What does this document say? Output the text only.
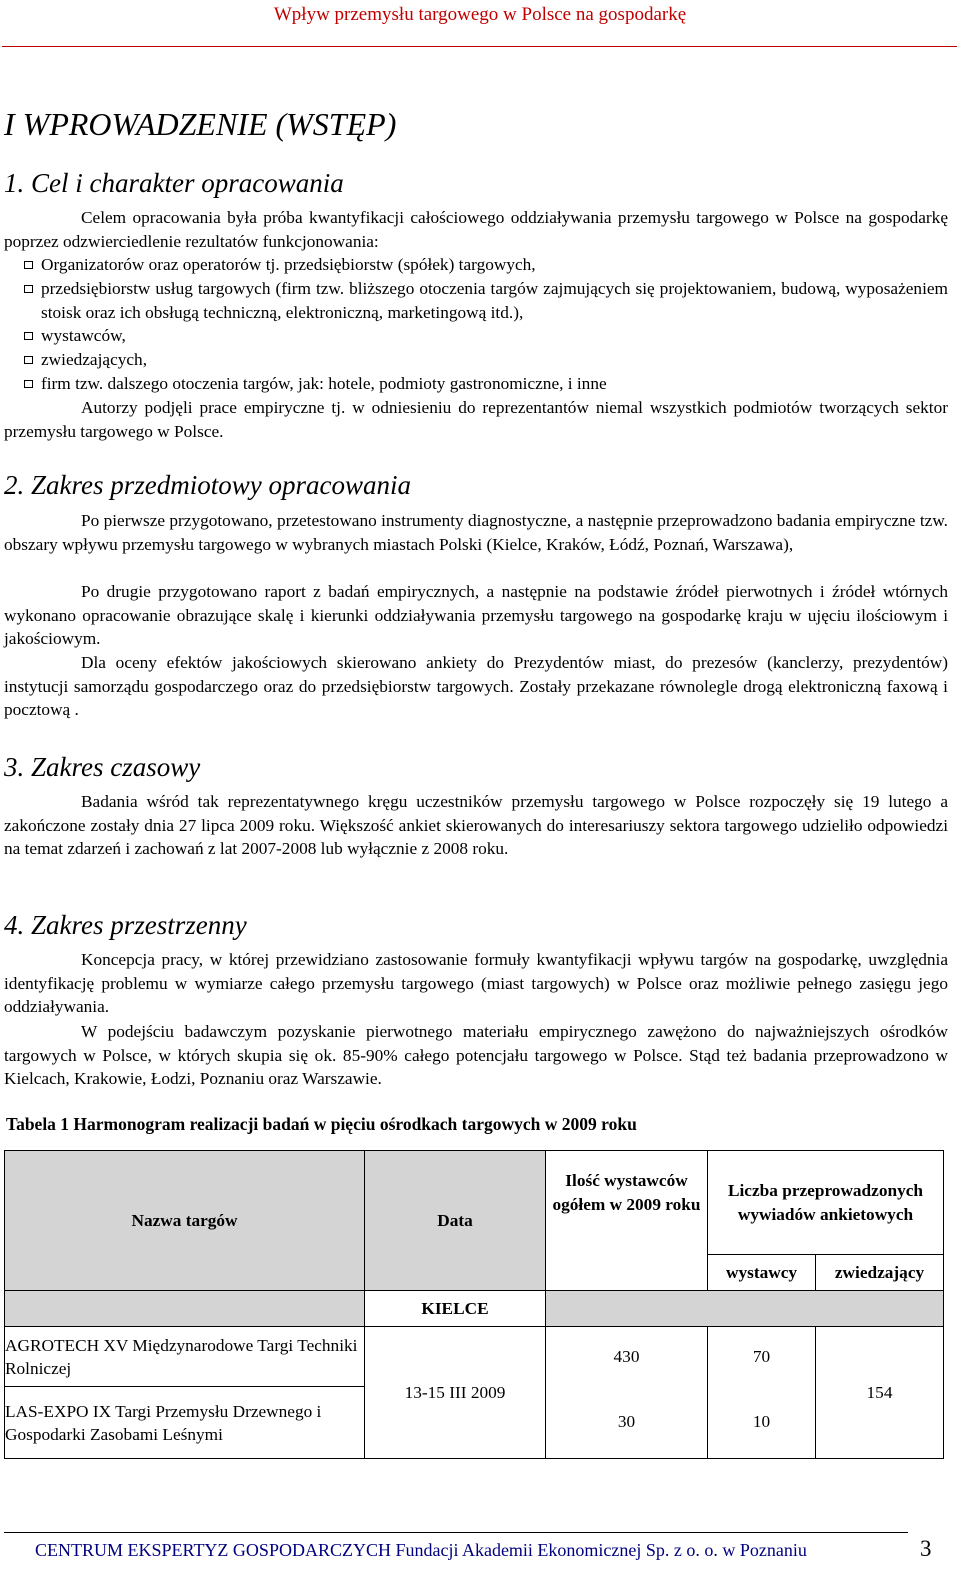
Wpływ przemysłu targowego w Polsce na gospodarkę
I WPROWADZENIE (WSTĘP)
1. Cel i charakter opracowania
Celem opracowania była próba kwantyfikacji całościowego oddziaływania przemysłu targowego w Polsce na gospodarkę poprzez odzwierciedlenie rezultatów funkcjonowania:
Organizatorów oraz operatorów tj. przedsiębiorstw (spółek) targowych,
przedsiębiorstw usług targowych (firm tzw. bliższego otoczenia targów zajmujących się projektowaniem, budową, wyposażeniem stoisk oraz ich obsługą techniczną, elektroniczną, marketingową itd.),
wystawców,
zwiedzających,
firm tzw. dalszego otoczenia targów, jak: hotele, podmioty gastronomiczne, i inne
Autorzy podjęli prace empiryczne tj. w odniesieniu do reprezentantów niemal wszystkich podmiotów tworzących sektor przemysłu targowego w Polsce.
2. Zakres przedmiotowy opracowania
Po pierwsze przygotowano, przetestowano instrumenty diagnostyczne, a następnie przeprowadzono badania empiryczne tzw. obszary wpływu przemysłu targowego w wybranych miastach Polski (Kielce, Kraków, Łódź, Poznań, Warszawa),
Po drugie przygotowano raport z badań empirycznych, a następnie na podstawie źródeł pierwotnych i źródeł wtórnych wykonano opracowanie obrazujące skalę i kierunki oddziaływania przemysłu targowego na gospodarkę kraju w ujęciu ilościowym i jakościowym.
Dla oceny efektów jakościowych skierowano ankiety do Prezydentów miast, do prezesów (kanclerzy, prezydentów) instytucji samorządu gospodarczego oraz do przedsiębiorstw targowych. Zostały przekazane równolegle drogą elektroniczną faxową i pocztową .
3. Zakres czasowy
Badania wśród tak reprezentatywnego kręgu uczestników przemysłu targowego w Polsce rozpoczęły się 19 lutego a zakończone zostały dnia 27 lipca 2009 roku. Większość ankiet skierowanych do interesariuszy sektora targowego udzieliło odpowiedzi na temat zdarzeń i zachowań z lat 2007-2008 lub wyłącznie z 2008 roku.
4. Zakres przestrzenny
Koncepcja pracy, w której przewidziano zastosowanie formuły kwantyfikacji wpływu targów na gospodarkę, uwzględnia identyfikację problemu w wymiarze całego przemysłu targowego (miast targowych) w Polsce oraz możliwie pełnego zasięgu jego oddziaływania.
W podejściu badawczym pozyskanie pierwotnego materiału empirycznego zawężono do najważniejszych ośrodków targowych w Polsce, w których skupia się ok. 85-90% całego potencjału targowego w Polsce. Stąd też badania przeprowadzono w Kielcach, Krakowie, Łodzi, Poznaniu oraz Warszawie.
Tabela 1 Harmonogram realizacji badań w pięciu ośrodkach targowych w 2009 roku
Nazwa targów	Data	Ilość wystawców ogółem w 2009 roku	Liczba przeprowadzonych wywiadów ankietowych	
			wystawcy	zwiedzający
	KIELCE			
AGROTECH XV Międzynarodowe Targi Techniki Rolniczej	13-15 III 2009	430	70	154
LAS-EXPO IX Targi Przemysłu Drzewnego i Gospodarki Zasobami Leśnymi		30	10	
CENTRUM EKSPERTYZ GOSPODARCZYCH Fundacji Akademii Ekonomicznej Sp. z o. o. w Poznaniu	3
